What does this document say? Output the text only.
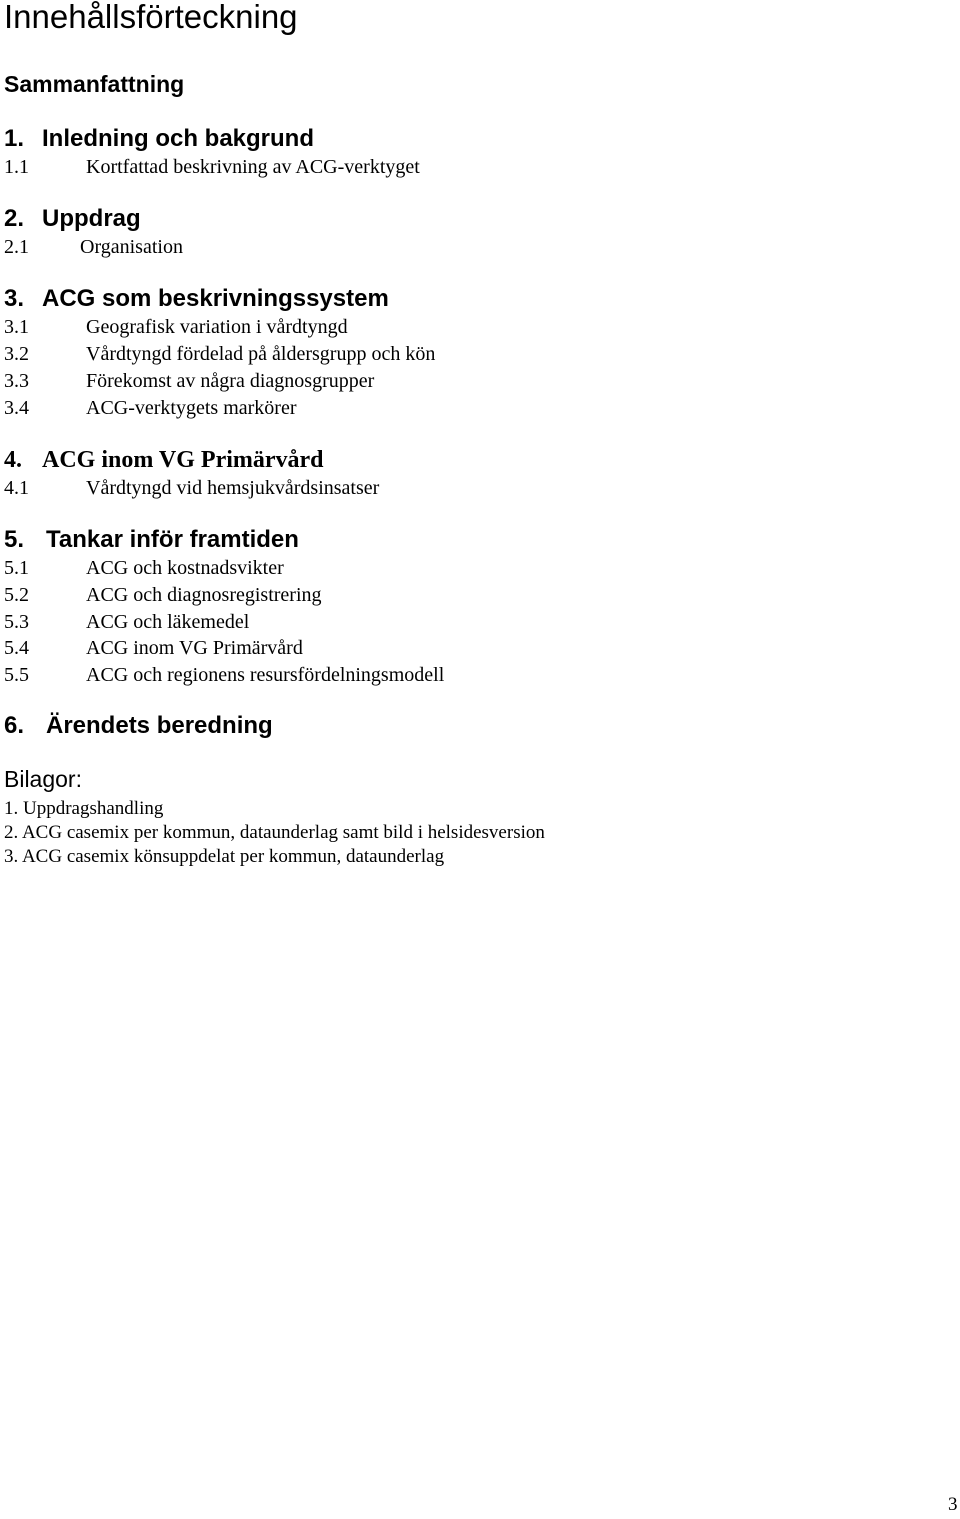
Innehållsförteckning
Sammanfattning
1. Inledning och bakgrund
1.1	Kortfattad beskrivning av ACG-verktyget
2. Uppdrag
2.1	Organisation
3. ACG som beskrivningssystem
3.1	Geografisk variation i vårdtyngd
3.2	Vårdtyngd fördelad på åldersgrupp och kön
3.3	Förekomst av några diagnosgrupper
3.4	ACG-verktygets markörer
4. ACG inom VG Primärvård
4.1	Vårdtyngd vid hemsjukvårdsinsatser
5. Tankar inför framtiden
5.1	ACG och kostnadsvikter
5.2	ACG och diagnosregistrering
5.3	ACG och läkemedel
5.4	ACG inom VG Primärvård
5.5	ACG och regionens resursfördelningsmodell
6. Ärendets beredning
Bilagor:
1. Uppdragshandling
2. ACG casemix per kommun, dataunderlag samt bild i helsidesversion
3. ACG casemix könsuppdelat per kommun, dataunderlag
3
